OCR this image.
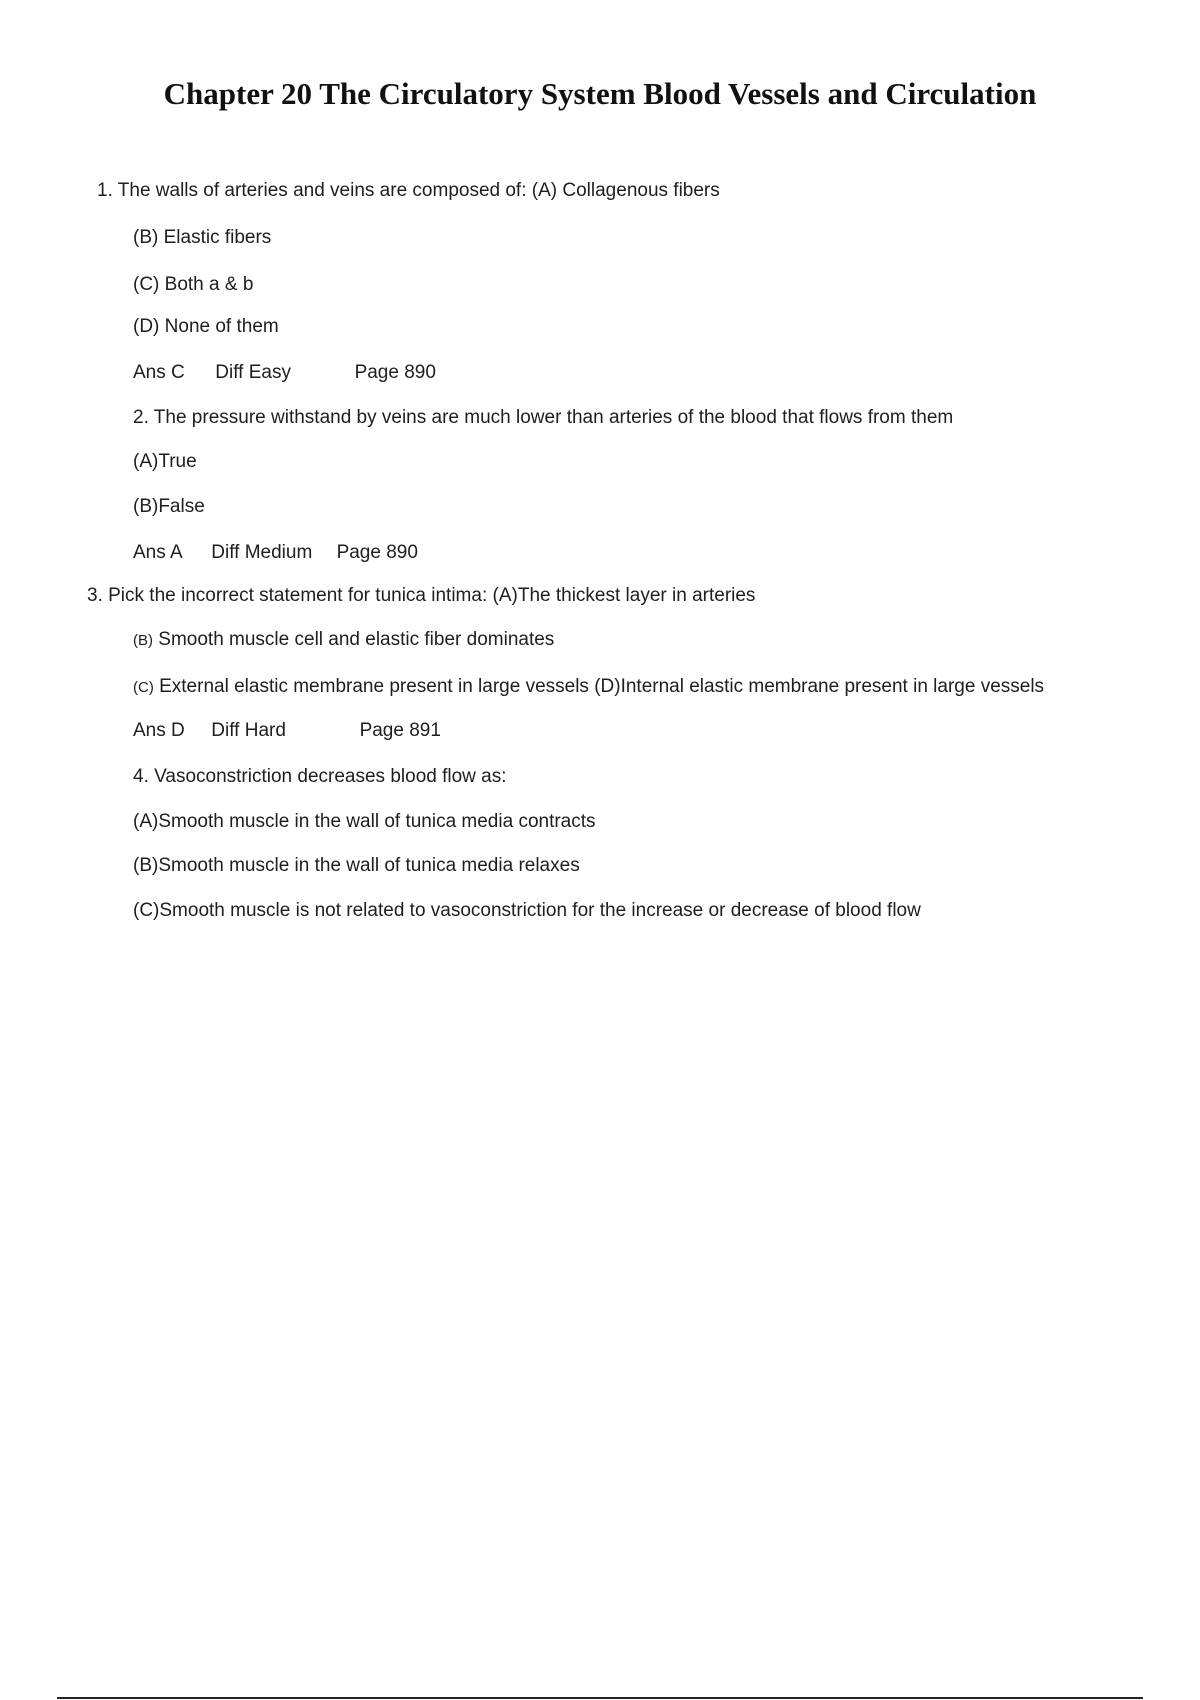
Chapter 20 The Circulatory System Blood Vessels and Circulation
1. The walls of arteries and veins are composed of: (A) Collagenous fibers
(B) Elastic fibers
(C) Both a & b
(D) None of them
Ans C Diff Easy	Page 890
2. The pressure withstand by veins are much lower than arteries of the blood that flows from them
(A)True
(B)False
Ans A Diff Medium Page 890
3. Pick the incorrect statement for tunica intima: (A)The thickest layer in arteries
(B) Smooth muscle cell and elastic fiber dominates
(C) External elastic membrane present in large vessels (D)Internal elastic membrane present in large vessels
Ans D Diff Hard	Page 891
4. Vasoconstriction decreases blood flow as:
(A)Smooth muscle in the wall of tunica media contracts
(B)Smooth muscle in the wall of tunica media relaxes
(C)Smooth muscle is not related to vasoconstriction for the increase or decrease of blood flow
